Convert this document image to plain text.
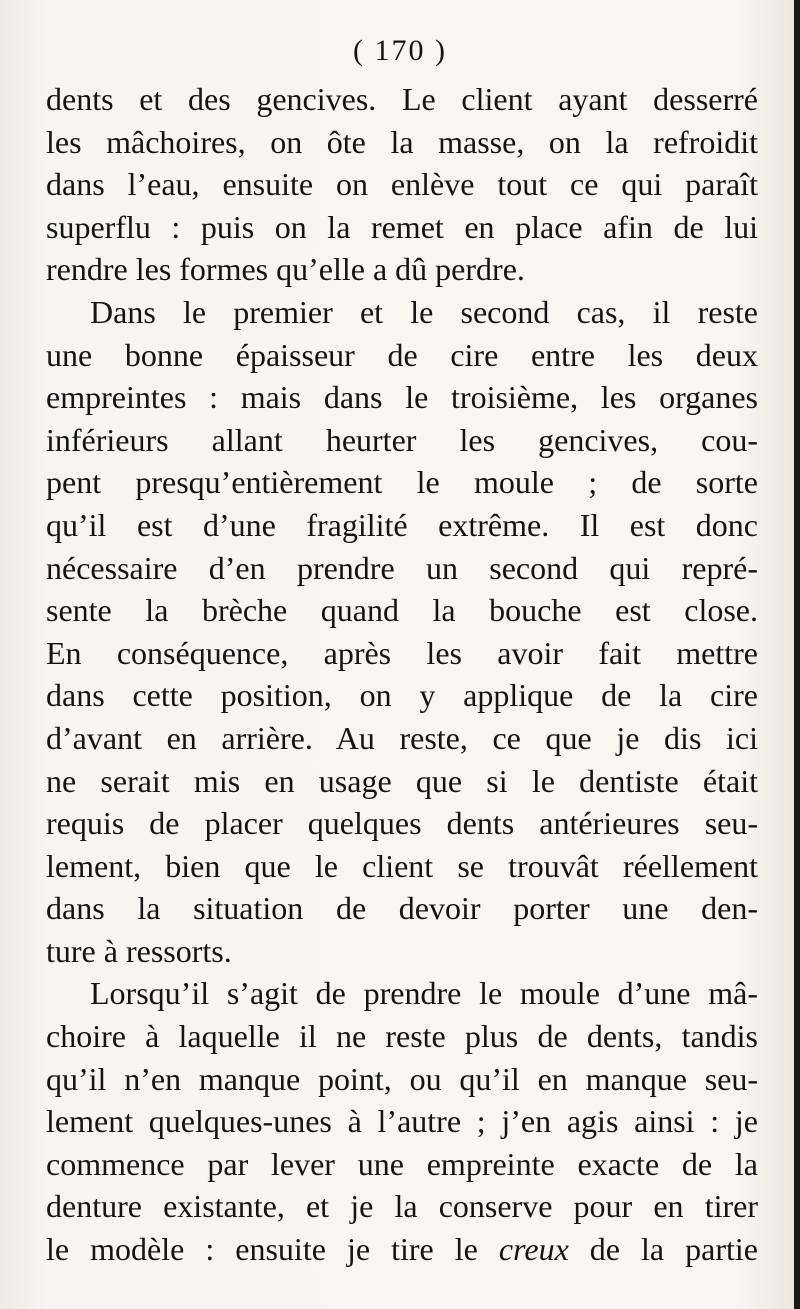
( 170 )
dents et des gencives. Le client ayant desserré
les mâchoires, on ôte la masse, on la refroidit
dans l’eau, ensuite on enlève tout ce qui paraît
superflu : puis on la remet en place afin de lui
rendre les formes qu’elle a dû perdre.
Dans le premier et le second cas, il reste
une bonne épaisseur de cire entre les deux
empreintes : mais dans le troisième, les organes
inférieurs allant heurter les gencives, cou-
pent presqu’entièrement le moule ; de sorte
qu’il est d’une fragilité extrême. Il est donc
nécessaire d’en prendre un second qui repré-
sente la brèche quand la bouche est close.
En conséquence, après les avoir fait mettre
dans cette position, on y applique de la cire
d’avant en arrière. Au reste, ce que je dis ici
ne serait mis en usage que si le dentiste était
requis de placer quelques dents antérieures seu-
lement, bien que le client se trouvât réellement
dans la situation de devoir porter une den-
ture à ressorts.
Lorsqu’il s’agit de prendre le moule d’une mâ-
choire à laquelle il ne reste plus de dents, tandis
qu’il n’en manque point, ou qu’il en manque seu-
lement quelques-unes à l’autre ; j’en agis ainsi : je
commence par lever une empreinte exacte de la
denture existante, et je la conserve pour en tirer
le modèle : ensuite je tire le creux de la partie
